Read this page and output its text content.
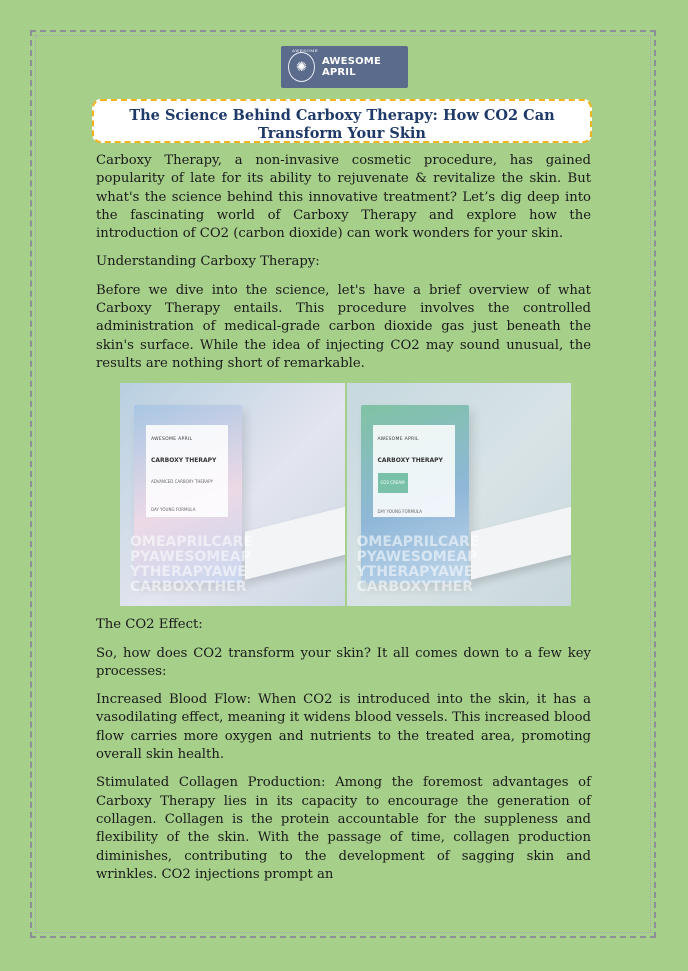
AWESOME
✺ AWESOME APRIL
The Science Behind Carboxy Therapy: How CO2 Can Transform Your Skin

Carboxy Therapy, a non-invasive cosmetic procedure, has gained popularity of late for its ability to rejuvenate & revitalize the skin. But what's the science behind this innovative treatment? Let’s dig deep into the fascinating world of Carboxy Therapy and explore how the introduction of CO2 (carbon dioxide) can work wonders for your skin.

Understanding Carboxy Therapy:

Before we dive into the science, let's have a brief overview of what Carboxy Therapy entails. This procedure involves the controlled administration of medical-grade carbon dioxide gas just beneath the skin's surface. While the idea of injecting CO2 may sound unusual, the results are nothing short of remarkable.

AWESOME APRIL
CARBOXY THERAPY
ADVANCED CARBOXY THERAPY
DAY YOUNG FORMULA
OMEAPRILCARE
PYAWESOMEAP
YTHERAPYAWE
CARBOXYTHER
AWESOME APRIL
CARBOXY THERAPY
CO2 CREAM
DAY YOUNG FORMULA
OMEAPRILCARE
PYAWESOMEAP
YTHERAPYAWE
CARBOXYTHER

The CO2 Effect:

So, how does CO2 transform your skin? It all comes down to a few key processes:

Increased Blood Flow: When CO2 is introduced into the skin, it has a vasodilating effect, meaning it widens blood vessels. This increased blood flow carries more oxygen and nutrients to the treated area, promoting overall skin health.

Stimulated Collagen Production: Among the foremost advantages of Carboxy Therapy lies in its capacity to encourage the generation of collagen. Collagen is the protein accountable for the suppleness and flexibility of the skin. With the passage of time, collagen production diminishes, contributing to the development of sagging skin and wrinkles. CO2 injections prompt an
